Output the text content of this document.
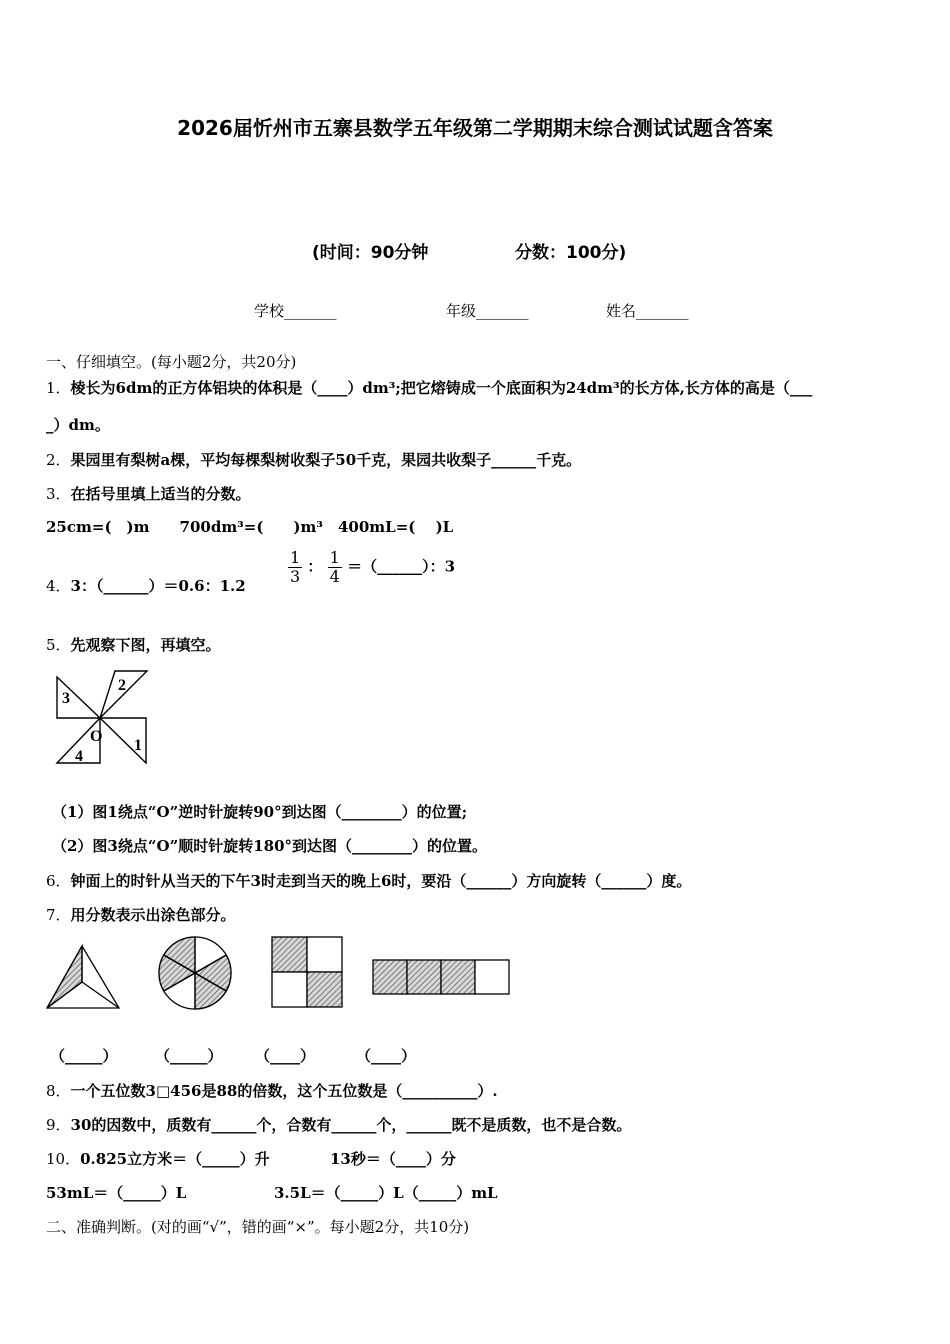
2026届忻州市五寨县数学五年级第二学期期末综合测试试题含答案
(时间：90分钟	分数：100分)
学校_______	年级_______	姓名_______
一、仔细填空。(每小题2分，共20分)
1．棱长为6dm的正方体铝块的体积是（____）dm³;把它熔铸成一个底面积为24dm³的长方体,长方体的高是（___
_）dm。
2．果园里有梨树a棵，平均每棵梨树收梨子50千克，果园共收梨子______千克。
3．在括号里填上适当的分数。
25cm=(　)m　　700dm³=(　　)m³　400mL=(　 )L
4．3：（______）＝0.6：1.2	$\frac{1}{3}$ ： $\frac{1}{4}$ ＝（______）：3
5．先观察下图，再填空。
3
2
O
1
4
（1）图1绕点“O”逆时针旋转90°到达图（________）的位置;
（2）图3绕点“O”顺时针旋转180°到达图（________）的位置。
6．钟面上的时针从当天的下午3时走到当天的晚上6时，要沿（______）方向旋转（______）度。
7．用分数表示出涂色部分。
（_____） （_____） （____）	（____）
8．一个五位数3□456是88的倍数，这个五位数是（__________）.
9．30的因数中，质数有______个，合数有______个，______既不是质数，也不是合数。
10．0.825立方米＝（_____）升	13秒＝（____）分
53mL＝（_____）L	3.5L＝（_____）L（_____）mL
二、准确判断。(对的画“√”，错的画“×”。每小题2分，共10分)
